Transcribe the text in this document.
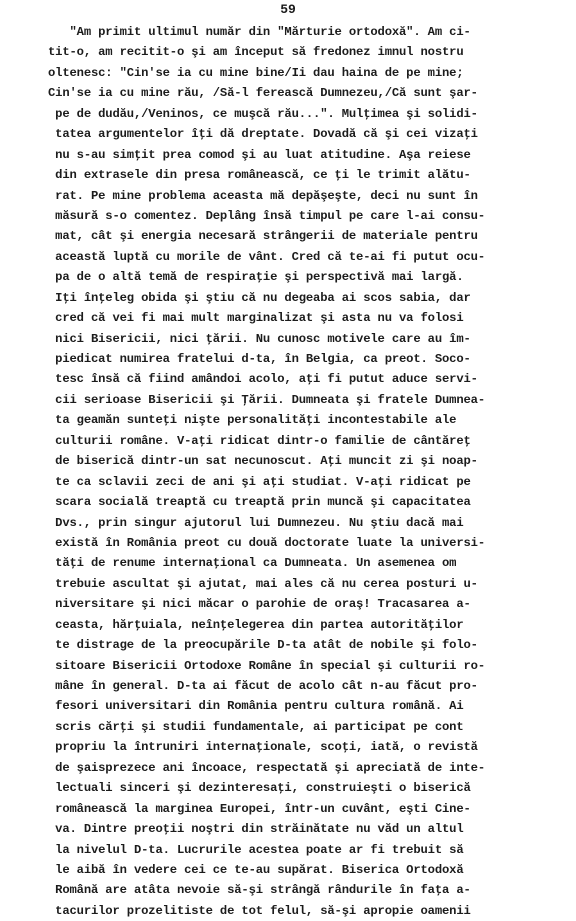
59
"Am primit ultimul număr din "Mărturie ortodoxă". Am ci-
tit-o, am recitit-o şi am început să fredonez imnul nostru
oltenesc: "Cin'se ia cu mine bine/Ii dau haina de pe mine;
Cin'se ia cu mine rău, /Să-l ferească Dumnezeu,/Că sunt şar-
pe de dudău,/Veninos, ce muşcă rău...". Mulţimea şi solidi-
tatea argumentelor îţi dă dreptate. Dovadă că şi cei vizaţi
nu s-au simţit prea comod şi au luat atitudine. Aşa reiese
din extrasele din presa românească, ce ţi le trimit alătu-
rat. Pe mine problema aceasta mă depăşeşte, deci nu sunt în
măsură s-o comentez. Deplâng însă timpul pe care l-ai consu-
mat, cât şi energia necesară strângerii de materiale pentru
această luptă cu morile de vânt. Cred că te-ai fi putut ocu-
pa de o altă temă de respiraţie şi perspectivă mai largă.
Iţi înţeleg obida şi ştiu că nu degeaba ai scos sabia, dar
cred că vei fi mai mult marginalizat şi asta nu va folosi
nici Bisericii, nici ţării. Nu cunosc motivele care au îm-
piedicat numirea fratelui d-ta, în Belgia, ca preot. Soco-
tesc însă că fiind amândoi acolo, aţi fi putut aduce servi-
cii serioase Bisericii şi Ţării. Dumneata şi fratele Dumnea-
ta geamăn sunteţi nişte personalităţi incontestabile ale
culturii române. V-aţi ridicat dintr-o familie de cântăreţ
de biserică dintr-un sat necunoscut. Aţi muncit zi şi noap-
te ca sclavii zeci de ani şi aţi studiat. V-aţi ridicat pe
scara socială treaptă cu treaptă prin muncă şi capacitatea
Dvs., prin singur ajutorul lui Dumnezeu. Nu ştiu dacă mai
există în România preot cu două doctorate luate la universi-
tăţi de renume internaţional ca Dumneata. Un asemenea om
trebuie ascultat şi ajutat, mai ales că nu cerea posturi u-
niversitare şi nici măcar o parohie de oraş! Tracasarea a-
ceasta, hărţuiala, neînţelegerea din partea autorităţilor
te distrage de la preocupările D-ta atât de nobile şi folo-
sitoare Bisericii Ortodoxe Române în special şi culturii ro-
mâne în general. D-ta ai făcut de acolo cât n-au făcut pro-
fesori universitari din România pentru cultura română. Ai
scris cărţi şi studii fundamentale, ai participat pe cont
propriu la întruniri internaţionale, scoţi, iată, o revistă
de şaisprezece ani încoace, respectată şi apreciată de inte-
lectuali sinceri şi dezinteresaţi, construieşti o biserică
românească la marginea Europei, într-un cuvânt, eşti Cine-
va. Dintre preoţii noştri din străinătate nu văd un altul
la nivelul D-ta. Lucrurile acestea poate ar fi trebuit să
le aibă în vedere cei ce te-au supărat. Biserica Ortodoxă
Română are atâta nevoie să-şi strângă rândurile în faţa a-
tacurilor prozelitiste de tot felul, să-şi apropie oamenii
